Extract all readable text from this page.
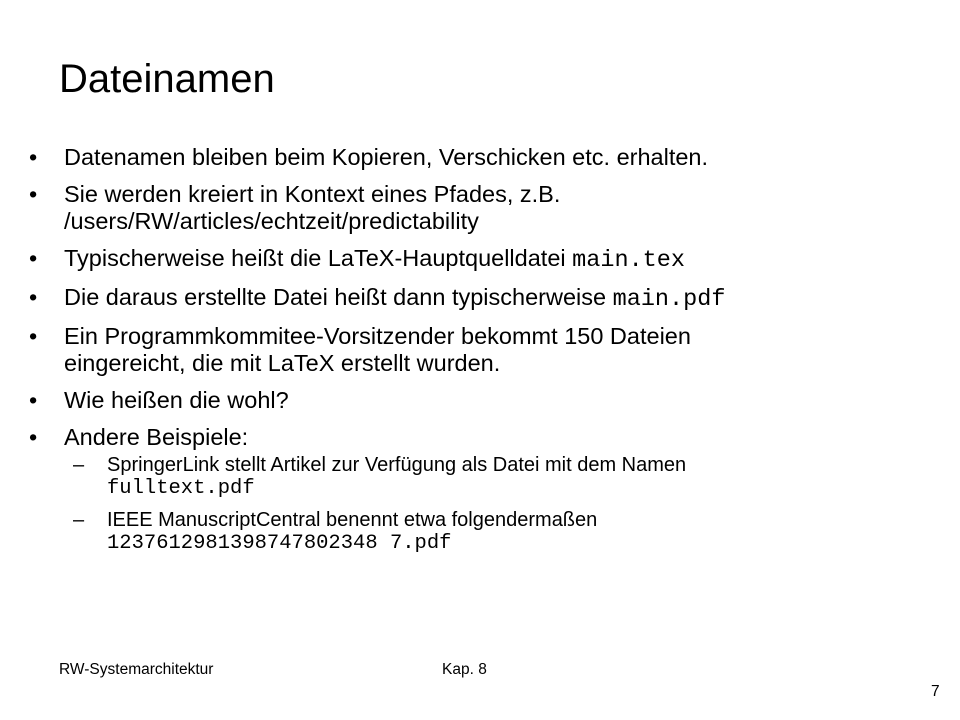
Dateinamen
•	Datenamen bleiben beim Kopieren, Verschicken etc. erhalten.
•	Sie werden kreiert in Kontext eines Pfades, z.B.
/users/RW/articles/echtzeit/predictability
•	Typischerweise heißt die LaTeX-Hauptquelldatei main.tex
•	Die daraus erstellte Datei heißt dann typischerweise main.pdf
•	Ein Programmkommitee-Vorsitzender bekommt 150 Dateien
eingereicht, die mit LaTeX erstellt wurden.
•	Wie heißen die wohl?
•	Andere Beispiele:
– SpringerLink stellt Artikel zur Verfügung als Datei mit dem Namen
fulltext.pdf
– IEEE ManuscriptCentral benennt etwa folgendermaßen
1237612981398747802348 7.pdf
RW-Systemarchitektur	Kap. 8
7
